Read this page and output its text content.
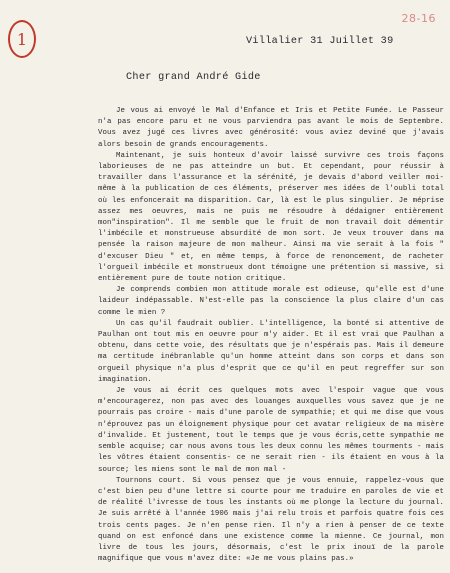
1
28-16
Villalier 31 Juillet 39
Cher grand André Gide

Je vous ai envoyé le Mal d'Enfance et Iris et Petite Fumée. Le Passeur n'a pas encore paru et ne vous parviendra pas avant le mois de Septembre. Vous avez jugé ces livres avec générosité: vous aviez deviné que j'avais alors besoin de grands encouragements.

Maintenant, je suis honteux d'avoir laissé survivre ces trois façons laborieuses de ne pas atteindre un but. Et cependant, pour réussir à travailler dans l'assurance et la sérénité, je devais d'abord veiller moi-même à la publication de ces éléments, préserver mes idées de l'oubli total où les enfoncerait ma disparition. Car, là est le plus singulier. Je méprise assez mes oeuvres, mais ne puis me résoudre à dédaigner entièrement mon"inspiration". Il me semble que le fruit de mon travail doit démentir l'imbécile et monstrueuse absurdité de mon sort. Je veux trouver dans ma pensée la raison majeure de mon malheur. Ainsi ma vie serait à la fois " d'excuser Dieu " et, en même temps, à force de renoncement, de racheter l'orgueil imbécile et monstrueux dont témoigne une prétention si massive, si entièrement pure de toute notion critique.

Je comprends combien mon attitude morale est odieuse, qu'elle est d'une laideur indépassable. N'est-elle pas la conscience la plus claire d'un cas comme le mien ?

Un cas qu'il faudrait oublier. L'intelligence, la bonté si attentive de Paulhan ont tout mis en oeuvre pour m'y aider. Et il est vrai que Paulhan a obtenu, dans cette voie, des résultats que je n'espérais pas. Mais il demeure ma certitude inébranlable qu'un homme atteint dans son corps et dans son orgueil physique n'a plus d'esprit que ce qu'il en peut regreffer sur son imagination.

Je vous ai écrit ces quelques mots avec l'espoir vague que vous m'encouragerez, non pas avec des louanges auxquelles vous savez que je ne pourrais pas croire - mais d'une parole de sympathie; et qui me dise que vous n'éprouvez pas un éloignement physique pour cet avatar religieux de ma misère d'invalide. Et justement, tout le temps que je vous écris,cette sympathie me semble acquise; car nous avons tous les deux connu les mêmes tourments - mais les vôtres étaient consentis- ce ne serait rien - ils étaient en vous à la source; les miens sont le mal de mon mal -

Tournons court. Si vous pensez que je vous ennuie, rappelez-vous que c'est bien peu d'une lettre si courte pour me traduire en paroles de vie et de réalité l'ivresse de tous les instants où me plonge la lecture du journal. Je suis arrêté à l'année 1906 mais j'ai relu trois et parfois quatre fois ces trois cents pages. Je n'en pense rien. Il n'y a rien à penser de ce texte quand on est enfoncé dans une existence comme la mienne. Ce journal, mon livre de tous les jours, désormais, c'est le prix inouï de la parole magnifique que vous m'avez dite: «Je me vous plains pas.»
